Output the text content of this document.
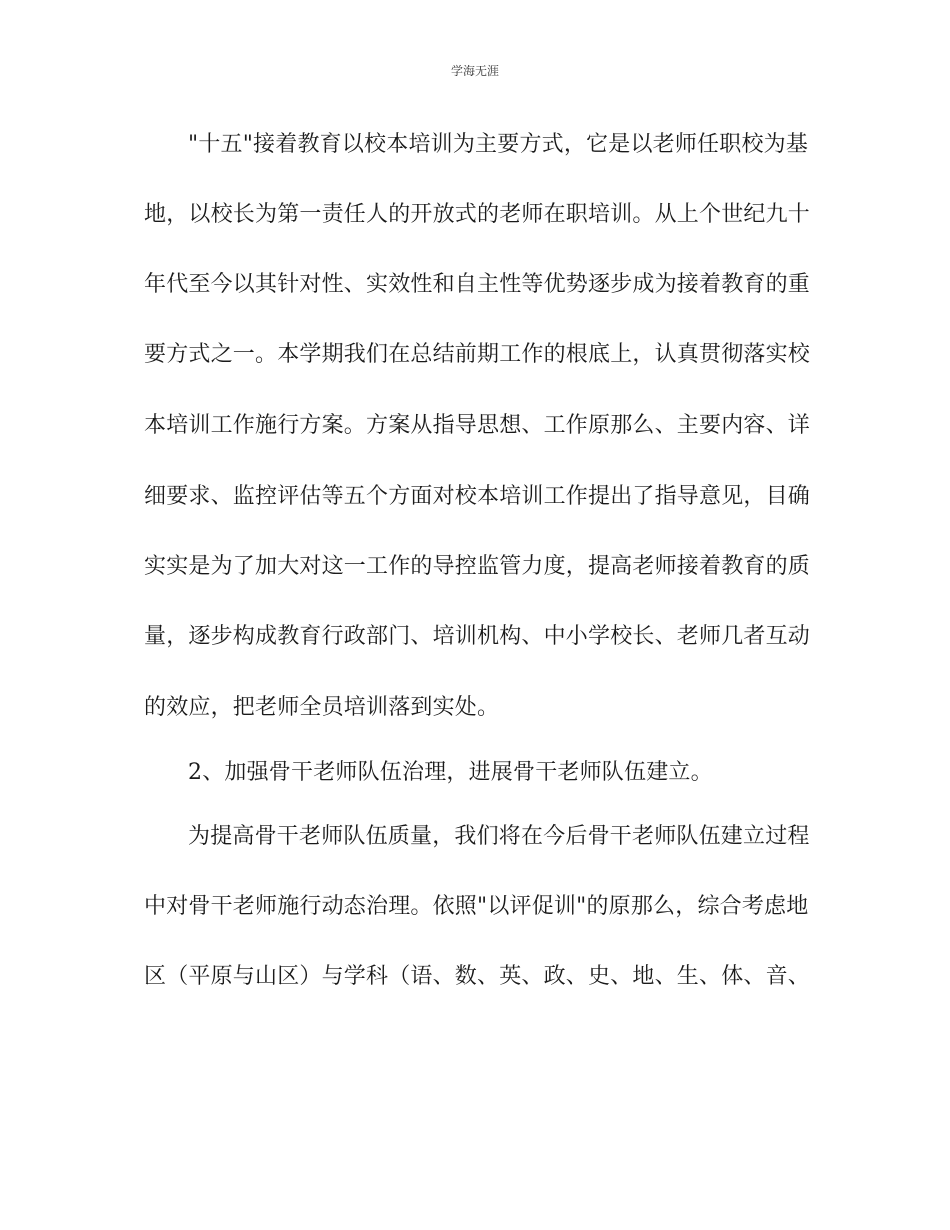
学海无涯
"十五"接着教育以校本培训为主要方式，它是以老师任职校为基
地，以校长为第一责任人的开放式的老师在职培训。从上个世纪九十
年代至今以其针对性、实效性和自主性等优势逐步成为接着教育的重
要方式之一。本学期我们在总结前期工作的根底上，认真贯彻落实校
本培训工作施行方案。方案从指导思想、工作原那么、主要内容、详
细要求、监控评估等五个方面对校本培训工作提出了指导意见，目确
实实是为了加大对这一工作的导控监管力度，提高老师接着教育的质
量，逐步构成教育行政部门、培训机构、中小学校长、老师几者互动
的效应，把老师全员培训落到实处。
2、加强骨干老师队伍治理，进展骨干老师队伍建立。
为提高骨干老师队伍质量，我们将在今后骨干老师队伍建立过程
中对骨干老师施行动态治理。依照"以评促训"的原那么，综合考虑地
区（平原与山区）与学科（语、数、英、政、史、地、生、体、音、
